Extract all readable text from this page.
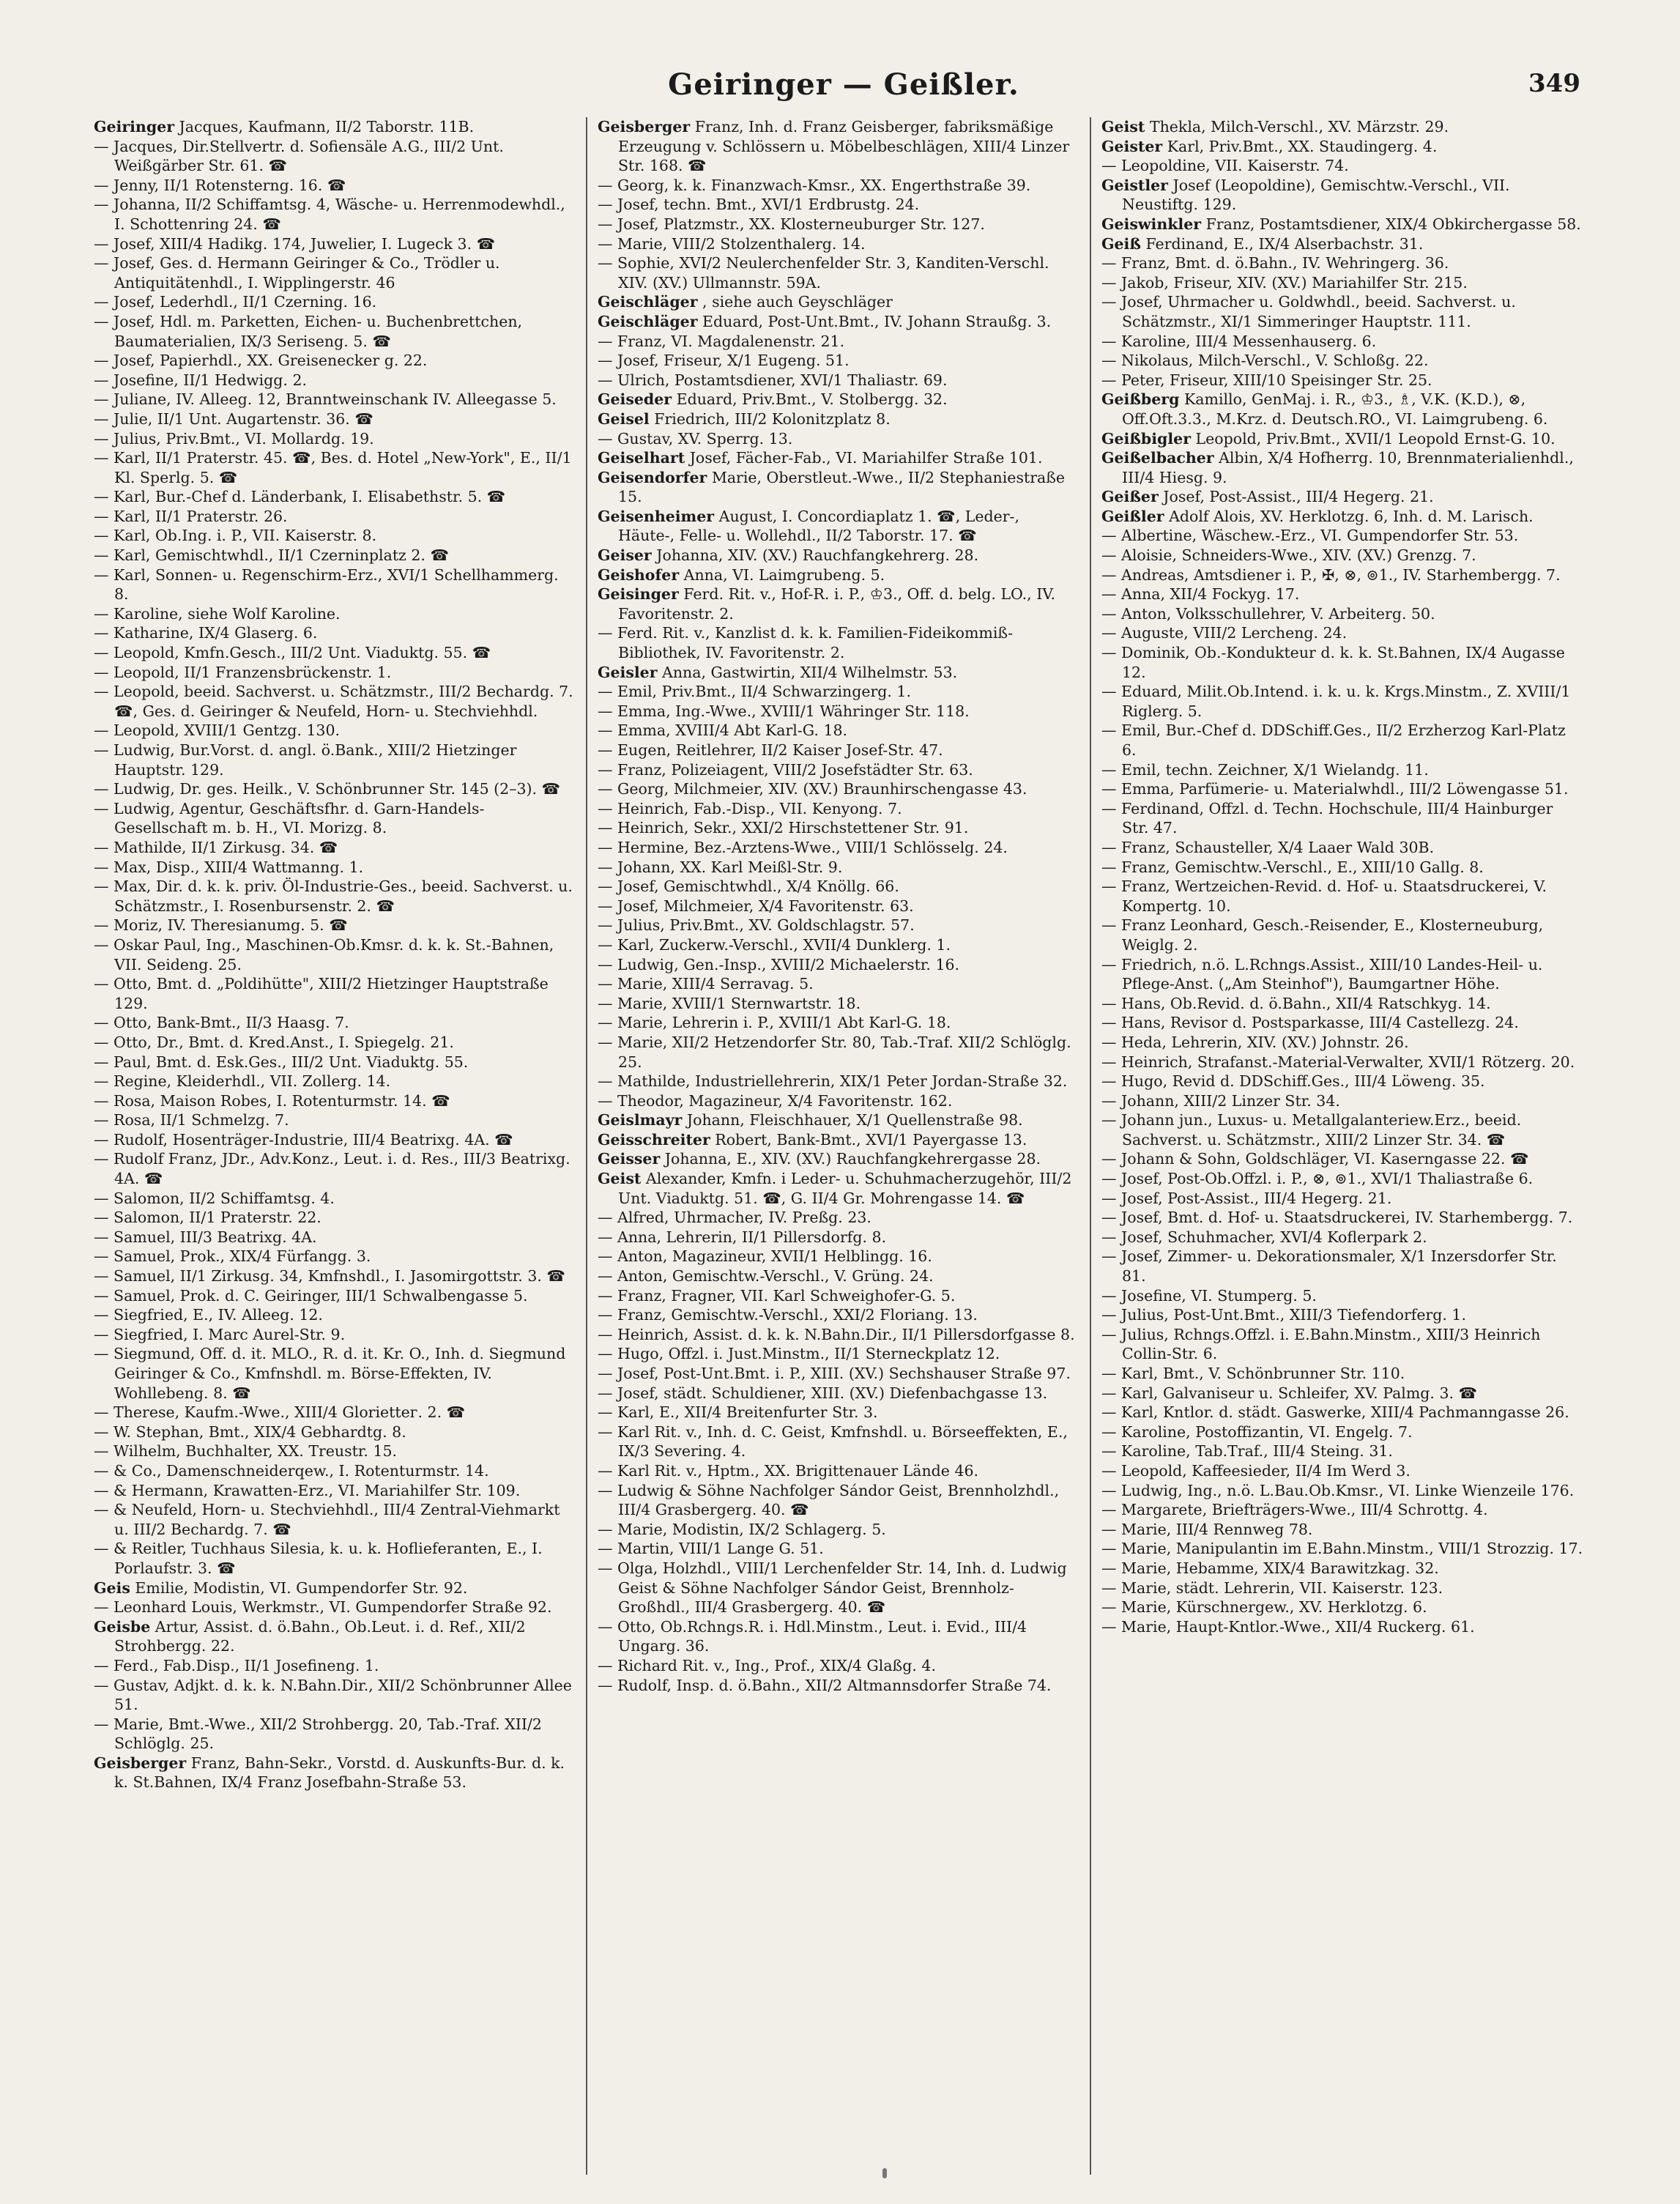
Geiringer — Geißler.	349
Geiringer Jacques, Kaufmann, II/2 Taborstr. 11B.
— Jacques, Dir.Stellvertr. d. Sofiensäle A.G., III/2 Unt. Weißgärber Str. 61. ☎
— Jenny, II/1 Rotensterng. 16. ☎
— Johanna, II/2 Schiffamtsg. 4, Wäsche- u. Herrenmodewhdl., I. Schottenring 24. ☎
— Josef, XIII/4 Hadikg. 174, Juwelier, I. Lugeck 3. ☎
— Josef, Ges. d. Hermann Geiringer & Co., Trödler u. Antiquitätenhdl., I. Wipplingerstr. 46
— Josef, Lederhdl., II/1 Czerning. 16.
— Josef, Hdl. m. Parketten, Eichen- u. Buchenbrettchen, Baumaterialien, IX/3 Seriseng. 5. ☎
— Josef, Papierhdl., XX. Greisenecker g. 22.
— Josefine, II/1 Hedwigg. 2.
— Juliane, IV. Alleeg. 12, Branntweinschank IV. Alleegasse 5.
— Julie, II/1 Unt. Augartenstr. 36. ☎
— Julius, Priv.Bmt., VI. Mollardg. 19.
— Karl, II/1 Praterstr. 45. ☎, Bes. d. Hotel „New-York", E., II/1 Kl. Sperlg. 5. ☎
— Karl, Bur.-Chef d. Länderbank, I. Elisabethstr. 5. ☎
— Karl, II/1 Praterstr. 26.
— Karl, Ob.Ing. i. P., VII. Kaiserstr. 8.
— Karl, Gemischtwhdl., II/1 Czerninplatz 2. ☎
— Karl, Sonnen- u. Regenschirm-Erz., XVI/1 Schellhammerg. 8.
— Karoline, siehe Wolf Karoline.
— Katharine, IX/4 Glaserg. 6.
— Leopold, Kmfn.Gesch., III/2 Unt. Viaduktg. 55. ☎
— Leopold, II/1 Franzensbrückenstr. 1.
— Leopold, beeid. Sachverst. u. Schätzmstr., III/2 Bechardg. 7. ☎, Ges. d. Geiringer & Neufeld, Horn- u. Stechviehhdl.
— Leopold, XVIII/1 Gentzg. 130.
— Ludwig, Bur.Vorst. d. angl. ö.Bank., XIII/2 Hietzinger Hauptstr. 129.
— Ludwig, Dr. ges. Heilk., V. Schönbrunner Str. 145 (2–3). ☎
— Ludwig, Agentur, Geschäftsfhr. d. Garn-Handels-Gesellschaft m. b. H., VI. Morizg. 8.
— Mathilde, II/1 Zirkusg. 34. ☎
— Max, Disp., XIII/4 Wattmanng. 1.
— Max, Dir. d. k. k. priv. Öl-Industrie-Ges., beeid. Sachverst. u. Schätzmstr., I. Rosenbursenstr. 2. ☎
— Moriz, IV. Theresianumg. 5. ☎
— Oskar Paul, Ing., Maschinen-Ob.Kmsr. d. k. k. St.-Bahnen, VII. Seideng. 25.
— Otto, Bmt. d. „Poldihütte", XIII/2 Hietzinger Hauptstraße 129.
— Otto, Bank-Bmt., II/3 Haasg. 7.
— Otto, Dr., Bmt. d. Kred.Anst., I. Spiegelg. 21.
— Paul, Bmt. d. Esk.Ges., III/2 Unt. Viaduktg. 55.
— Regine, Kleiderhdl., VII. Zollerg. 14.
— Rosa, Maison Robes, I. Rotenturmstr. 14. ☎
— Rosa, II/1 Schmelzg. 7.
— Rudolf, Hosenträger-Industrie, III/4 Beatrixg. 4A. ☎
— Rudolf Franz, JDr., Adv.Konz., Leut. i. d. Res., III/3 Beatrixg. 4A. ☎
— Salomon, II/2 Schiffamtsg. 4.
— Salomon, II/1 Praterstr. 22.
— Samuel, III/3 Beatrixg. 4A.
— Samuel, Prok., XIX/4 Fürfangg. 3.
— Samuel, II/1 Zirkusg. 34, Kmfnshdl., I. Jasomirgottstr. 3. ☎
— Samuel, Prok. d. C. Geiringer, III/1 Schwalbengasse 5.
— Siegfried, E., IV. Alleeg. 12.
— Siegfried, I. Marc Aurel-Str. 9.
— Siegmund, Off. d. it. MLO., R. d. it. Kr. O., Inh. d. Siegmund Geiringer & Co., Kmfnshdl. m. Börse-Effekten, IV. Wohllebeng. 8. ☎
— Therese, Kaufm.-Wwe., XIII/4 Gloriettег. 2. ☎
— W. Stephan, Bmt., XIX/4 Gebhardtg. 8.
— Wilhelm, Buchhalter, XX. Treustr. 15.
— & Co., Damenschneiderqew., I. Rotenturmstr. 14.
— & Hermann, Krawatten-Erz., VI. Mariahilfer Str. 109.
— & Neufeld, Horn- u. Stechviehhdl., III/4 Zentral-Viehmarkt u. III/2 Bechardg. 7. ☎
— & Reitler, Tuchhaus Silesia, k. u. k. Hoflieferanten, E., I. Porlaufstr. 3. ☎
Geis Emilie, Modistin, VI. Gumpendorfer Str. 92.
— Leonhard Louis, Werkmstr., VI. Gumpendorfer Straße 92.
Geisbe Artur, Assist. d. ö.Bahn., Ob.Leut. i. d. Ref., XII/2 Strohbergg. 22.
— Ferd., Fab.Disp., II/1 Josefineng. 1.
— Gustav, Adjkt. d. k. k. N.Bahn.Dir., XII/2 Schönbrunner Allee 51.
— Marie, Bmt.-Wwe., XII/2 Strohbergg. 20, Tab.-Traf. XII/2 Schlöglg. 25.
Geisberger Franz, Bahn-Sekr., Vorstd. d. Auskunfts-Bur. d. k. k. St.Bahnen, IX/4 Franz Josefbahn-Straße 53.
Geisberger Franz, Inh. d. Franz Geisberger, fabriksmäßige Erzeugung v. Schlössern u. Möbelbeschlägen, XIII/4 Linzer Str. 168. ☎
— Georg, k. k. Finanzwach-Kmsr., XX. Engerthstraße 39.
— Josef, techn. Bmt., XVI/1 Erdbrustg. 24.
— Josef, Platzmstr., XX. Klosterneuburger Str. 127.
— Marie, VIII/2 Stolzenthalerg. 14.
— Sophie, XVI/2 Neulerchenfelder Str. 3, Kanditen-Verschl. XIV. (XV.) Ullmannstr. 59A.
Geischläger , siehe auch Geyschläger
Geischläger Eduard, Post-Unt.Bmt., IV. Johann Straußg. 3.
— Franz, VI. Magdalenenstr. 21.
— Josef, Friseur, X/1 Eugeng. 51.
— Ulrich, Postamtsdiener, XVI/1 Thaliastr. 69.
Geiseder Eduard, Priv.Bmt., V. Stolbergg. 32.
Geisel Friedrich, III/2 Kolonitzplatz 8.
— Gustav, XV. Sperrg. 13.
Geiselhart Josef, Fächer-Fab., VI. Mariahilfer Straße 101.
Geisendorfer Marie, Oberstleut.-Wwe., II/2 Stephaniestraße 15.
Geisenheimer August, I. Concordiaplatz 1. ☎, Leder-, Häute-, Felle- u. Wollehdl., II/2 Taborstr. 17. ☎
Geiser Johanna, XIV. (XV.) Rauchfangkehrerg. 28.
Geishofer Anna, VI. Laimgrubeng. 5.
Geisinger Ferd. Rit. v., Hof-R. i. P., ♔3., Off. d. belg. LO., IV. Favoritenstr. 2.
— Ferd. Rit. v., Kanzlist d. k. k. Familien-Fideikommiß-Bibliothek, IV. Favoritenstr. 2.
Geisler Anna, Gastwirtin, XII/4 Wilhelmstr. 53.
— Emil, Priv.Bmt., II/4 Schwarzingerg. 1.
— Emma, Ing.-Wwe., XVIII/1 Währinger Str. 118.
— Emma, XVIII/4 Abt Karl-G. 18.
— Eugen, Reitlehrer, II/2 Kaiser Josef-Str. 47.
— Franz, Polizeiagent, VIII/2 Josefstädter Str. 63.
— Georg, Milchmeier, XIV. (XV.) Braunhirschengasse 43.
— Heinrich, Fab.-Disp., VII. Kenyong. 7.
— Heinrich, Sekr., XXI/2 Hirschstettener Str. 91.
— Hermine, Bez.-Arztens-Wwe., VIII/1 Schlösselg. 24.
— Johann, XX. Karl Meißl-Str. 9.
— Josef, Gemischtwhdl., X/4 Knöllg. 66.
— Josef, Milchmeier, X/4 Favoritenstr. 63.
— Julius, Priv.Bmt., XV. Goldschlagstr. 57.
— Karl, Zuckerw.-Verschl., XVII/4 Dunklerg. 1.
— Ludwig, Gen.-Insp., XVIII/2 Michaelerstr. 16.
— Marie, XIII/4 Serravag. 5.
— Marie, XVIII/1 Sternwartstr. 18.
— Marie, Lehrerin i. P., XVIII/1 Abt Karl-G. 18.
— Marie, XII/2 Hetzendorfer Str. 80, Tab.-Traf. XII/2 Schlöglg. 25.
— Mathilde, Industriellehrerin, XIX/1 Peter Jordan-Straße 32.
— Theodor, Magazineur, X/4 Favoritenstr. 162.
Geislmayr Johann, Fleischhauer, X/1 Quellenstraße 98.
Geisschreiter Robert, Bank-Bmt., XVI/1 Payergasse 13.
Geisser Johanna, E., XIV. (XV.) Rauchfangkehrergasse 28.
Geist Alexander, Kmfn. i Leder- u. Schuhmacherzugehör, III/2 Unt. Viaduktg. 51. ☎, G. II/4 Gr. Mohrengasse 14. ☎
— Alfred, Uhrmacher, IV. Preßg. 23.
— Anna, Lehrerin, II/1 Pillersdorfg. 8.
— Anton, Magazineur, XVII/1 Helblingg. 16.
— Anton, Gemischtw.-Verschl., V. Grüng. 24.
— Franz, Fragner, VII. Karl Schweighofer-G. 5.
— Franz, Gemischtw.-Verschl., XXI/2 Floriang. 13.
— Heinrich, Assist. d. k. k. N.Bahn.Dir., II/1 Pillersdorfgasse 8.
— Hugo, Offzl. i. Just.Minstm., II/1 Sterneckplatz 12.
— Josef, Post-Unt.Bmt. i. P., XIII. (XV.) Sechshauser Straße 97.
— Josef, städt. Schuldiener, XIII. (XV.) Diefenbachgasse 13.
— Karl, E., XII/4 Breitenfurter Str. 3.
— Karl Rit. v., Inh. d. C. Geist, Kmfnshdl. u. Börseeffekten, E., IX/3 Severing. 4.
— Karl Rit. v., Hptm., XX. Brigittenauer Lände 46.
— Ludwig & Söhne Nachfolger Sándor Geist, Brennholzhdl., III/4 Grasbergerg. 40. ☎
— Marie, Modistin, IX/2 Schlagerg. 5.
— Martin, VIII/1 Lange G. 51.
— Olga, Holzhdl., VIII/1 Lerchenfelder Str. 14, Inh. d. Ludwig Geist & Söhne Nachfolger Sándor Geist, Brennholz-Großhdl., III/4 Grasbergerg. 40. ☎
— Otto, Ob.Rchngs.R. i. Hdl.Minstm., Leut. i. Evid., III/4 Ungarg. 36.
— Richard Rit. v., Ing., Prof., XIX/4 Glaßg. 4.
— Rudolf, Insp. d. ö.Bahn., XII/2 Altmannsdorfer Straße 74.
Geist Thekla, Milch-Verschl., XV. Märzstr. 29.
Geister Karl, Priv.Bmt., XX. Staudingerg. 4.
— Leopoldine, VII. Kaiserstr. 74.
Geistler Josef (Leopoldine), Gemischtw.-Verschl., VII. Neustiftg. 129.
Geiswinkler Franz, Postamtsdiener, XIX/4 Obkirchergasse 58.
Geiß Ferdinand, E., IX/4 Alserbachstr. 31.
— Franz, Bmt. d. ö.Bahn., IV. Wehringerg. 36.
— Jakob, Friseur, XIV. (XV.) Mariahilfer Str. 215.
— Josef, Uhrmacher u. Goldwhdl., beeid. Sachverst. u. Schätzmstr., XI/1 Simmeringer Hauptstr. 111.
— Karoline, III/4 Messenhauserg. 6.
— Nikolaus, Milch-Verschl., V. Schloßg. 22.
— Peter, Friseur, XIII/10 Speisinger Str. 25.
Geißberg Kamillo, GenMaj. i. R., ♔3., ♗, V.K. (K.D.), ⊗, Off.Oft.3.3., M.Krz. d. Deutsch.RO., VI. Laimgrubeng. 6.
Geißbigler Leopold, Priv.Bmt., XVII/1 Leopold Ernst-G. 10.
Geißelbacher Albin, X/4 Hofherrg. 10, Brennmaterialienhdl., III/4 Hiesg. 9.
Geißer Josef, Post-Assist., III/4 Hegerg. 21.
Geißler Adolf Alois, XV. Herklotzg. 6, Inh. d. M. Larisch.
— Albertine, Wäschew.-Erz., VI. Gumpendorfer Str. 53.
— Aloisie, Schneiders-Wwe., XIV. (XV.) Grenzg. 7.
— Andreas, Amtsdiener i. P., ✠, ⊗, ⊚1., IV. Starhembergg. 7.
— Anna, XII/4 Fockyg. 17.
— Anton, Volksschullehrer, V. Arbeiterg. 50.
— Auguste, VIII/2 Lercheng. 24.
— Dominik, Ob.-Kondukteur d. k. k. St.Bahnen, IX/4 Augasse 12.
— Eduard, Milit.Ob.Intend. i. k. u. k. Krgs.Minstm., Z. XVIII/1 Riglerg. 5.
— Emil, Bur.-Chef d. DDSchiff.Ges., II/2 Erzherzog Karl-Platz 6.
— Emil, techn. Zeichner, X/1 Wielandg. 11.
— Emma, Parfümerie- u. Materialwhdl., III/2 Löwengasse 51.
— Ferdinand, Offzl. d. Techn. Hochschule, III/4 Hainburger Str. 47.
— Franz, Schausteller, X/4 Laaer Wald 30B.
— Franz, Gemischtw.-Verschl., E., XIII/10 Gallg. 8.
— Franz, Wertzeichen-Revid. d. Hof- u. Staatsdruckerei, V. Kompertg. 10.
— Franz Leonhard, Gesch.-Reisender, E., Klosterneuburg, Weiglg. 2.
— Friedrich, n.ö. L.Rchngs.Assist., XIII/10 Landes-Heil- u. Pflege-Anst. („Am Steinhof"), Baumgartner Höhe.
— Hans, Ob.Revid. d. ö.Bahn., XII/4 Ratschkyg. 14.
— Hans, Revisor d. Postsparkasse, III/4 Castellezg. 24.
— Heda, Lehrerin, XIV. (XV.) Johnstr. 26.
— Heinrich, Strafanst.-Material-Verwalter, XVII/1 Rötzerg. 20.
— Hugo, Revid d. DDSchiff.Ges., III/4 Löweng. 35.
— Johann, XIII/2 Linzer Str. 34.
— Johann jun., Luxus- u. Metallgalanteriew.Erz., beeid. Sachverst. u. Schätzmstr., XIII/2 Linzer Str. 34. ☎
— Johann & Sohn, Goldschläger, VI. Kaserngasse 22. ☎
— Josef, Post-Ob.Offzl. i. P., ⊗, ⊚1., XVI/1 Thaliastraße 6.
— Josef, Post-Assist., III/4 Hegerg. 21.
— Josef, Bmt. d. Hof- u. Staatsdruckerei, IV. Starhembergg. 7.
— Josef, Schuhmacher, XVI/4 Koflerpark 2.
— Josef, Zimmer- u. Dekorationsmaler, X/1 Inzersdorfer Str. 81.
— Josefine, VI. Stumperg. 5.
— Julius, Post-Unt.Bmt., XIII/3 Tiefendorferg. 1.
— Julius, Rchngs.Offzl. i. E.Bahn.Minstm., XIII/3 Heinrich Collin-Str. 6.
— Karl, Bmt., V. Schönbrunner Str. 110.
— Karl, Galvaniseur u. Schleifer, XV. Palmg. 3. ☎
— Karl, Kntlor. d. städt. Gaswerke, XIII/4 Pachmanngasse 26.
— Karoline, Postoffizantin, VI. Engelg. 7.
— Karoline, Tab.Traf., III/4 Steing. 31.
— Leopold, Kaffeesieder, II/4 Im Werd 3.
— Ludwig, Ing., n.ö. L.Bau.Ob.Kmsr., VI. Linke Wienzeile 176.
— Margarete, Briefträgers-Wwe., III/4 Schrottg. 4.
— Marie, III/4 Rennweg 78.
— Marie, Manipulantin im E.Bahn.Minstm., VIII/1 Strozzig. 17.
— Marie, Hebamme, XIX/4 Barawitzkag. 32.
— Marie, städt. Lehrerin, VII. Kaiserstr. 123.
— Marie, Kürschnergew., XV. Herklotzg. 6.
— Marie, Haupt-Kntlor.-Wwe., XII/4 Ruckerg. 61.
